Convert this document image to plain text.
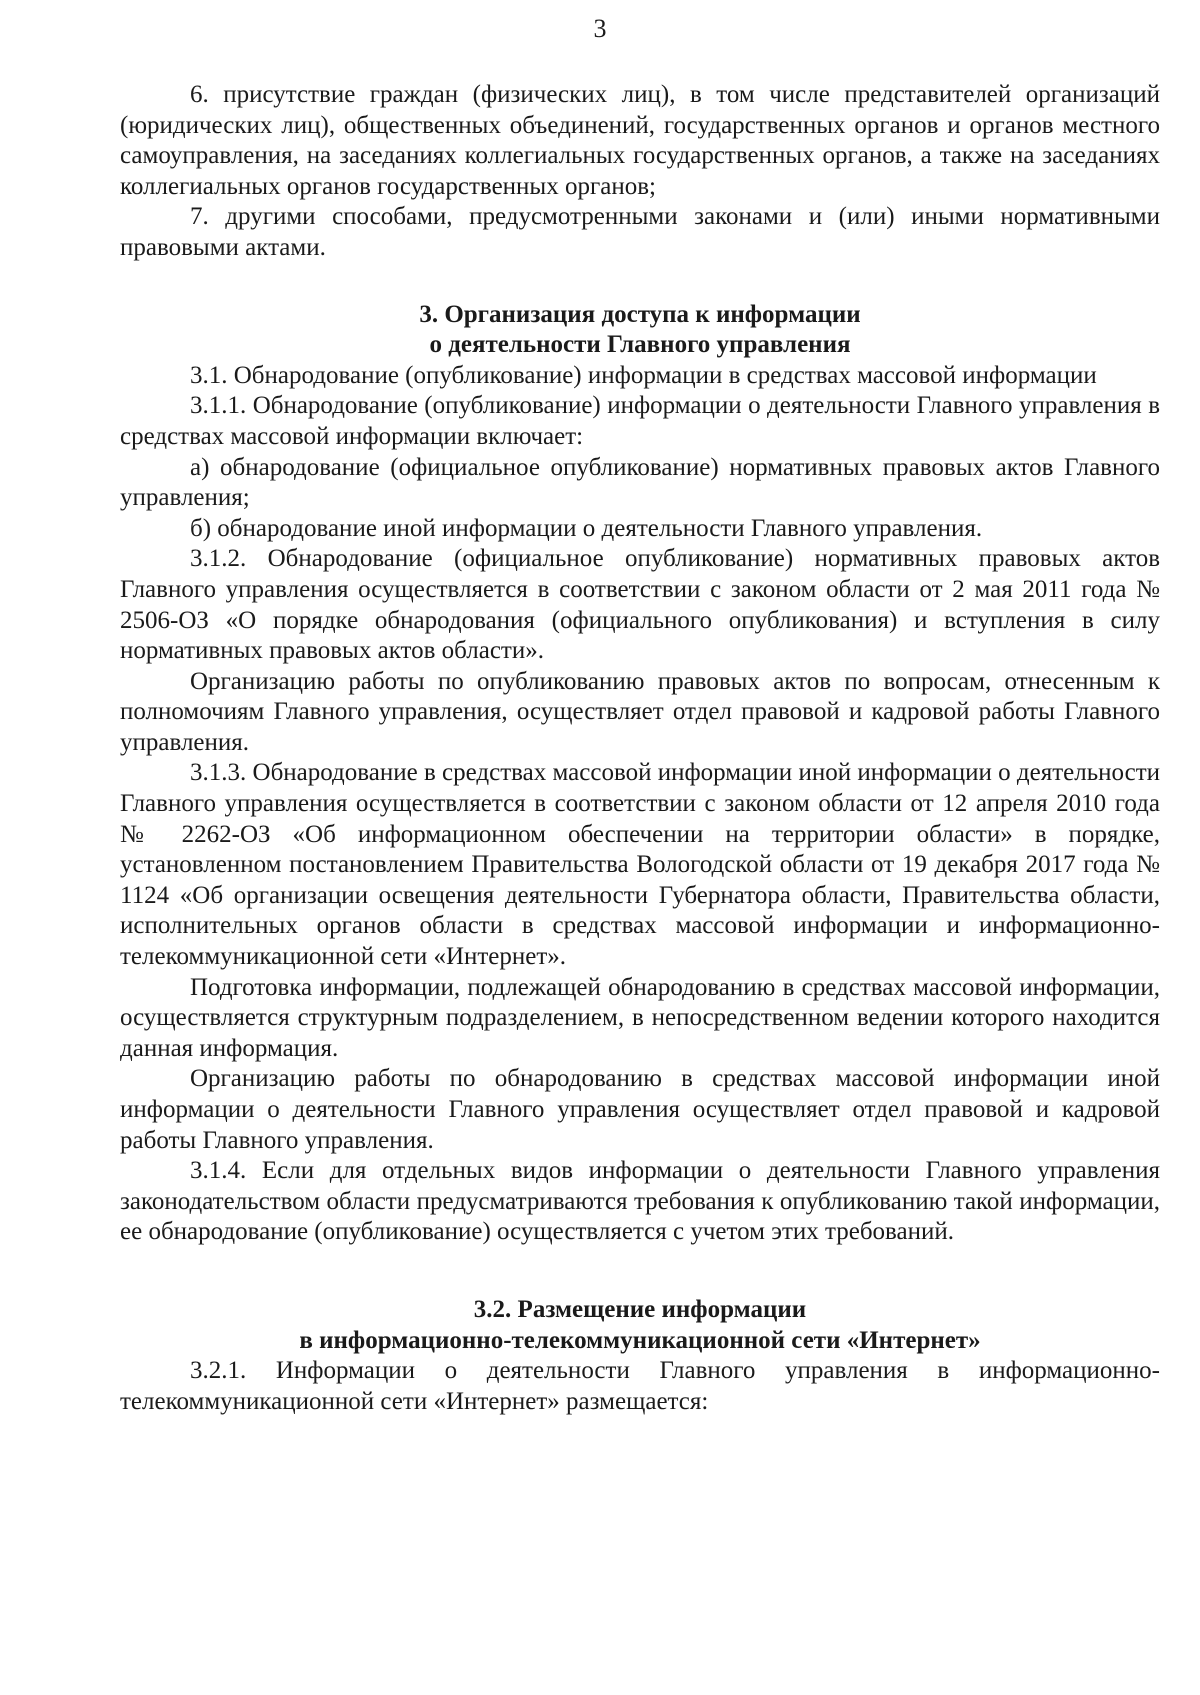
3

6. присутствие граждан (физических лиц), в том числе представителей организаций (юридических лиц), общественных объединений, государственных органов и органов местного самоуправления, на заседаниях коллегиальных государственных органов, а также на заседаниях коллегиальных органов государственных органов;

7. другими способами, предусмотренными законами и (или) иными нормативными правовыми актами.

3. Организация доступа к информации
о деятельности Главного управления

3.1. Обнародование (опубликование) информации в средствах массовой информации

3.1.1. Обнародование (опубликование) информации о деятельности Главного управления в средствах массовой информации включает:

а) обнародование (официальное опубликование) нормативных правовых актов Главного управления;

б) обнародование иной информации о деятельности Главного управления.

3.1.2. Обнародование (официальное опубликование) нормативных правовых актов Главного управления осуществляется в соответствии с законом области от 2 мая 2011 года № 2506-ОЗ «О порядке обнародования (официального опубликования) и вступления в силу нормативных правовых актов области».

Организацию работы по опубликованию правовых актов по вопросам, отнесенным к полномочиям Главного управления, осуществляет отдел правовой и кадровой работы Главного управления.

3.1.3. Обнародование в средствах массовой информации иной информации о деятельности Главного управления осуществляется в соответствии с законом области от 12 апреля 2010 года № 2262-ОЗ «Об информационном обеспечении на территории области» в порядке, установленном постановлением Правительства Вологодской области от 19 декабря 2017 года № 1124 «Об организации освещения деятельности Губернатора области, Правительства области, исполнительных органов области в средствах массовой информации и информационно-телекоммуникационной сети «Интернет».

Подготовка информации, подлежащей обнародованию в средствах массовой информации, осуществляется структурным подразделением, в непосредственном ведении которого находится данная информация.

Организацию работы по обнародованию в средствах массовой информации иной информации о деятельности Главного управления осуществляет отдел правовой и кадровой работы Главного управления.

3.1.4. Если для отдельных видов информации о деятельности Главного управления законодательством области предусматриваются требования к опубликованию такой информации, ее обнародование (опубликование) осуществляется с учетом этих требований.

3.2. Размещение информации
в информационно-телекоммуникационной сети «Интернет»

3.2.1. Информации о деятельности Главного управления в информационно-телекоммуникационной сети «Интернет» размещается:
